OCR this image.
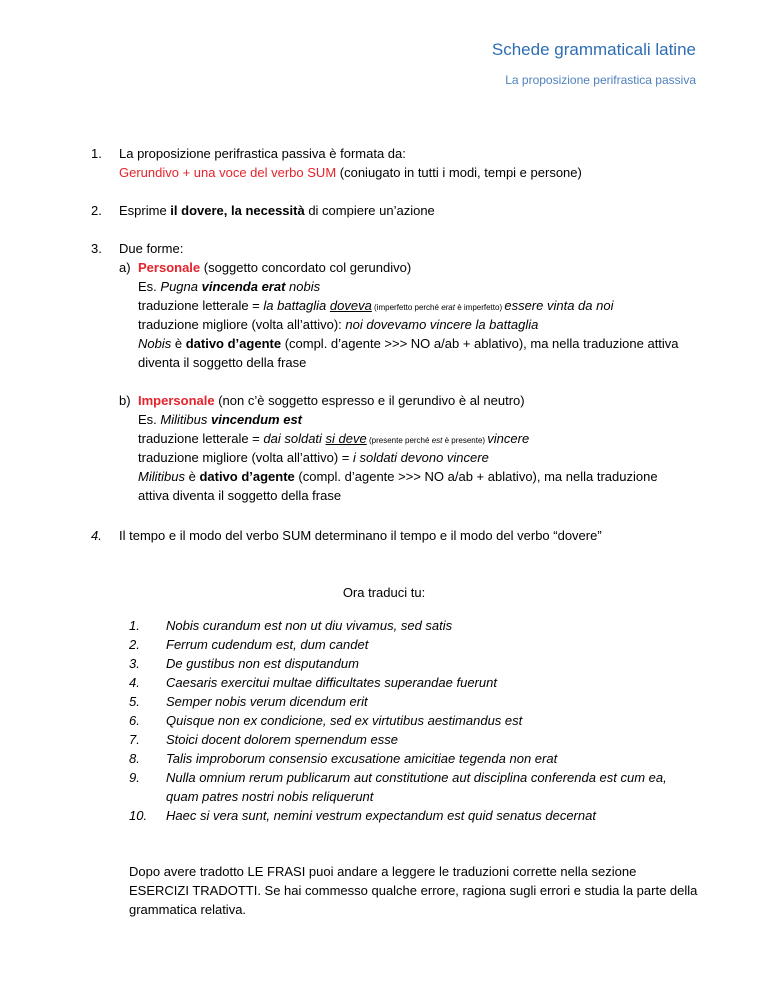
Schede grammaticali latine
La proposizione perifrastica passiva
1. La proposizione perifrastica passiva è formata da:
Gerundivo + una voce del verbo SUM (coniugato in tutti i modi, tempi e persone)
2. Esprime il dovere, la necessità di compiere un’azione
3. Due forme:
a) Personale (soggetto concordato col gerundivo)
Es. Pugna vincenda erat nobis
traduzione letterale = la battaglia doveva (imperfetto perché erat è imperfetto) essere vinta da noi
traduzione migliore (volta all’attivo): noi dovevamo vincere la battaglia
Nobis è dativo d’agente (compl. d’agente >>> NO a/ab + ablativo), ma nella traduzione attiva
diventa il soggetto della frase
b) Impersonale (non c’è soggetto espresso e il gerundivo è al neutro)
Es. Militibus vincendum est
traduzione letterale = dai soldati si deve (presente perché est è presente) vincere
traduzione migliore (volta all’attivo) = i soldati devono vincere
Militibus è dativo d’agente (compl. d’agente >>> NO a/ab + ablativo), ma nella traduzione
attiva diventa il soggetto della frase
4. Il tempo e il modo del verbo SUM determinano il tempo e il modo del verbo “dovere”
Ora traduci tu:
1. Nobis curandum est non ut diu vivamus, sed satis
2. Ferrum cudendum est, dum candet
3. De gustibus non est disputandum
4. Caesaris exercitui multae difficultates superandae fuerunt
5. Semper nobis verum dicendum erit
6. Quisque non ex condicione, sed ex virtutibus aestimandus est
7. Stoici docent dolorem spernendum esse
8. Talis improborum consensio excusatione amicitiae tegenda non erat
9. Nulla omnium rerum publicarum aut constitutione aut disciplina conferenda est cum ea,
quam patres nostri nobis reliquerunt
10. Haec si vera sunt, nemini vestrum expectandum est quid senatus decernat
Dopo avere tradotto LE FRASI puoi andare a leggere le traduzioni corrette nella sezione
ESERCIZI TRADOTTI. Se hai commesso qualche errore, ragiona sugli errori e studia la parte della
grammatica relativa.
